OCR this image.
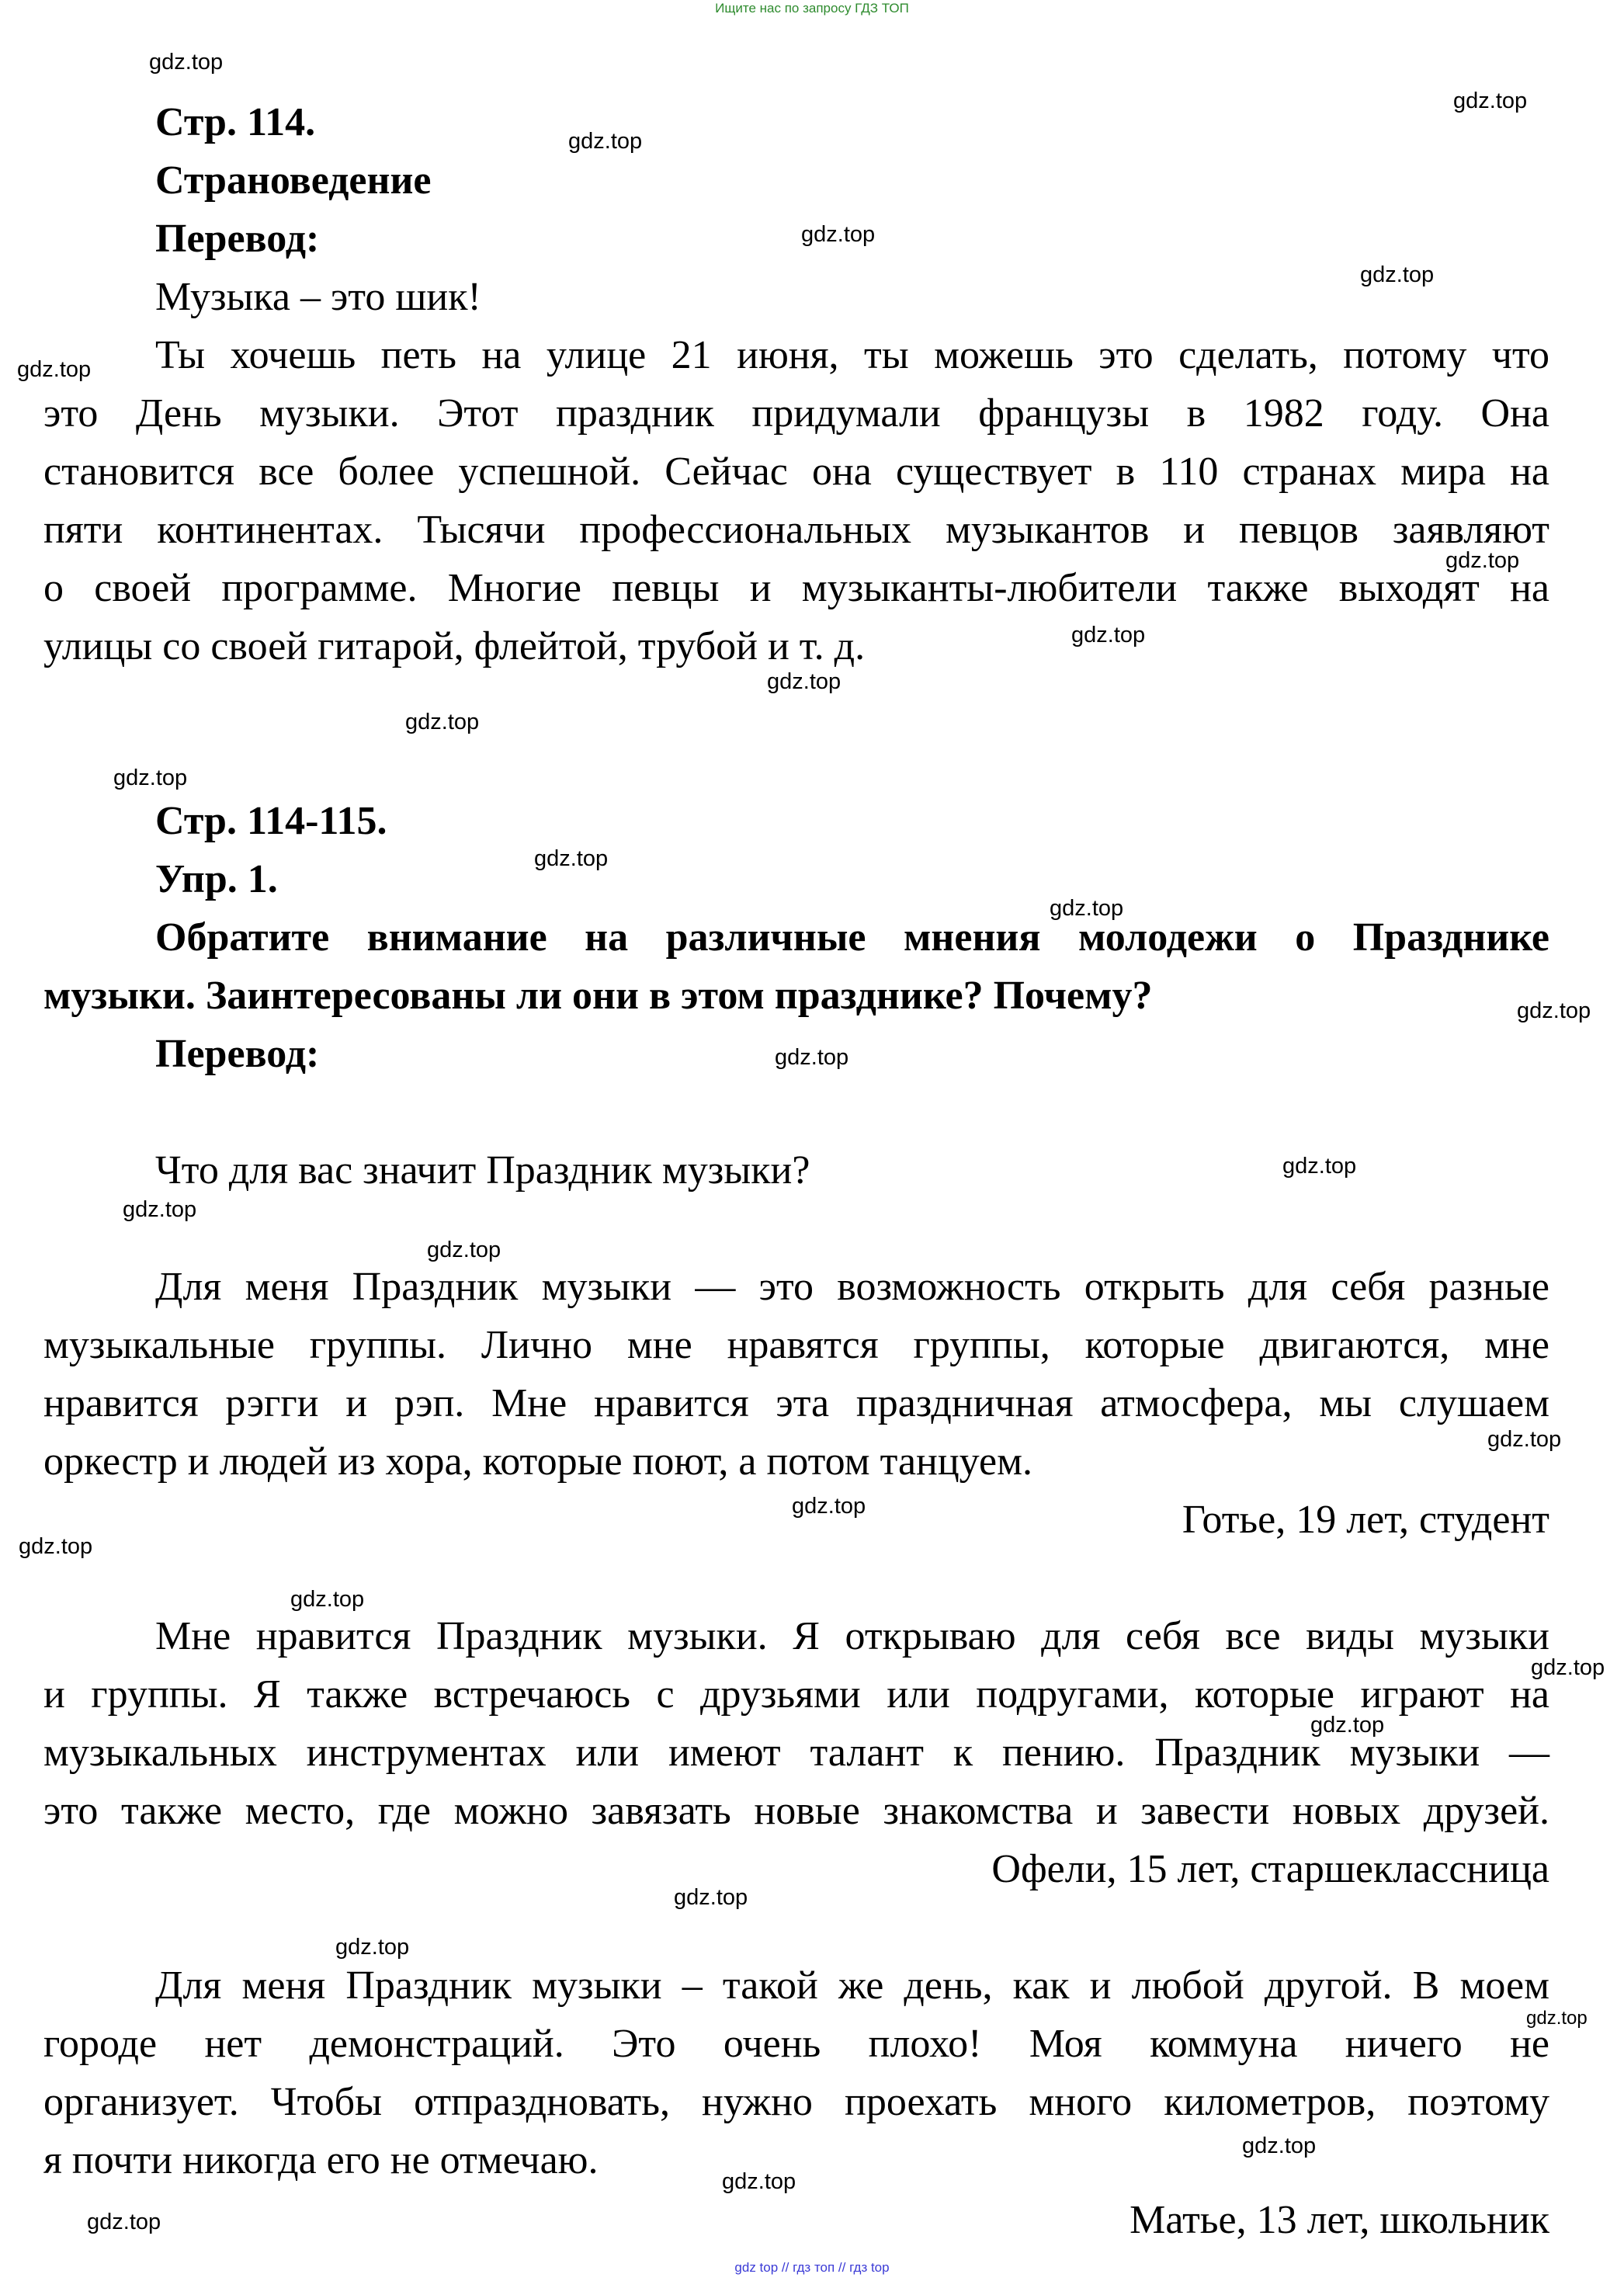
Ищите нас по запросу ГДЗ ТОП
gdz top // гдз топ // гдз top
Стр. 114.
Страноведение
Перевод:
Музыка – это шик!
Ты хочешь петь на улице 21 июня, ты можешь это сделать, потому что
это День музыки. Этот праздник придумали французы в 1982 году. Она
становится все более успешной. Сейчас она существует в 110 странах мира на
пяти континентах. Тысячи профессиональных музыкантов и певцов заявляют
о своей программе. Многие певцы и музыканты-любители также выходят на
улицы со своей гитарой, флейтой, трубой и т. д.
Стр. 114-115.
Упр. 1.
Обратите внимание на различные мнения молодежи о Празднике
музыки. Заинтересованы ли они в этом празднике? Почему?
Перевод:
Что для вас значит Праздник музыки?
Для меня Праздник музыки — это возможность открыть для себя разные
музыкальные группы. Лично мне нравятся группы, которые двигаются, мне
нравится рэгги и рэп. Мне нравится эта праздничная атмосфера, мы слушаем
оркестр и людей из хора, которые поют, а потом танцуем.
Готье, 19 лет, студент
Мне нравится Праздник музыки. Я открываю для себя все виды музыки
и группы. Я также встречаюсь с друзьями или подругами, которые играют на
музыкальных инструментах или имеют талант к пению. Праздник музыки —
это также место, где можно завязать новые знакомства и завести новых друзей.
Офели, 15 лет, старшеклассница
Для меня Праздник музыки – такой же день, как и любой другой. В моем
городе нет демонстраций. Это очень плохо! Моя коммуна ничего не
организует. Чтобы отпраздновать, нужно проехать много километров, поэтому
я почти никогда его не отмечаю.
Матье, 13 лет, школьник
gdz.top
gdz.top
gdz.top
gdz.top
gdz.top
gdz.top
gdz.top
gdz.top
gdz.top
gdz.top
gdz.top
gdz.top
gdz.top
gdz.top
gdz.top
gdz.top
gdz.top
gdz.top
gdz.top
gdz.top
gdz.top
gdz.top
gdz.top
gdz.top
gdz.top
gdz.top
gdz.top
gdz.top
gdz.top
gdz.top
